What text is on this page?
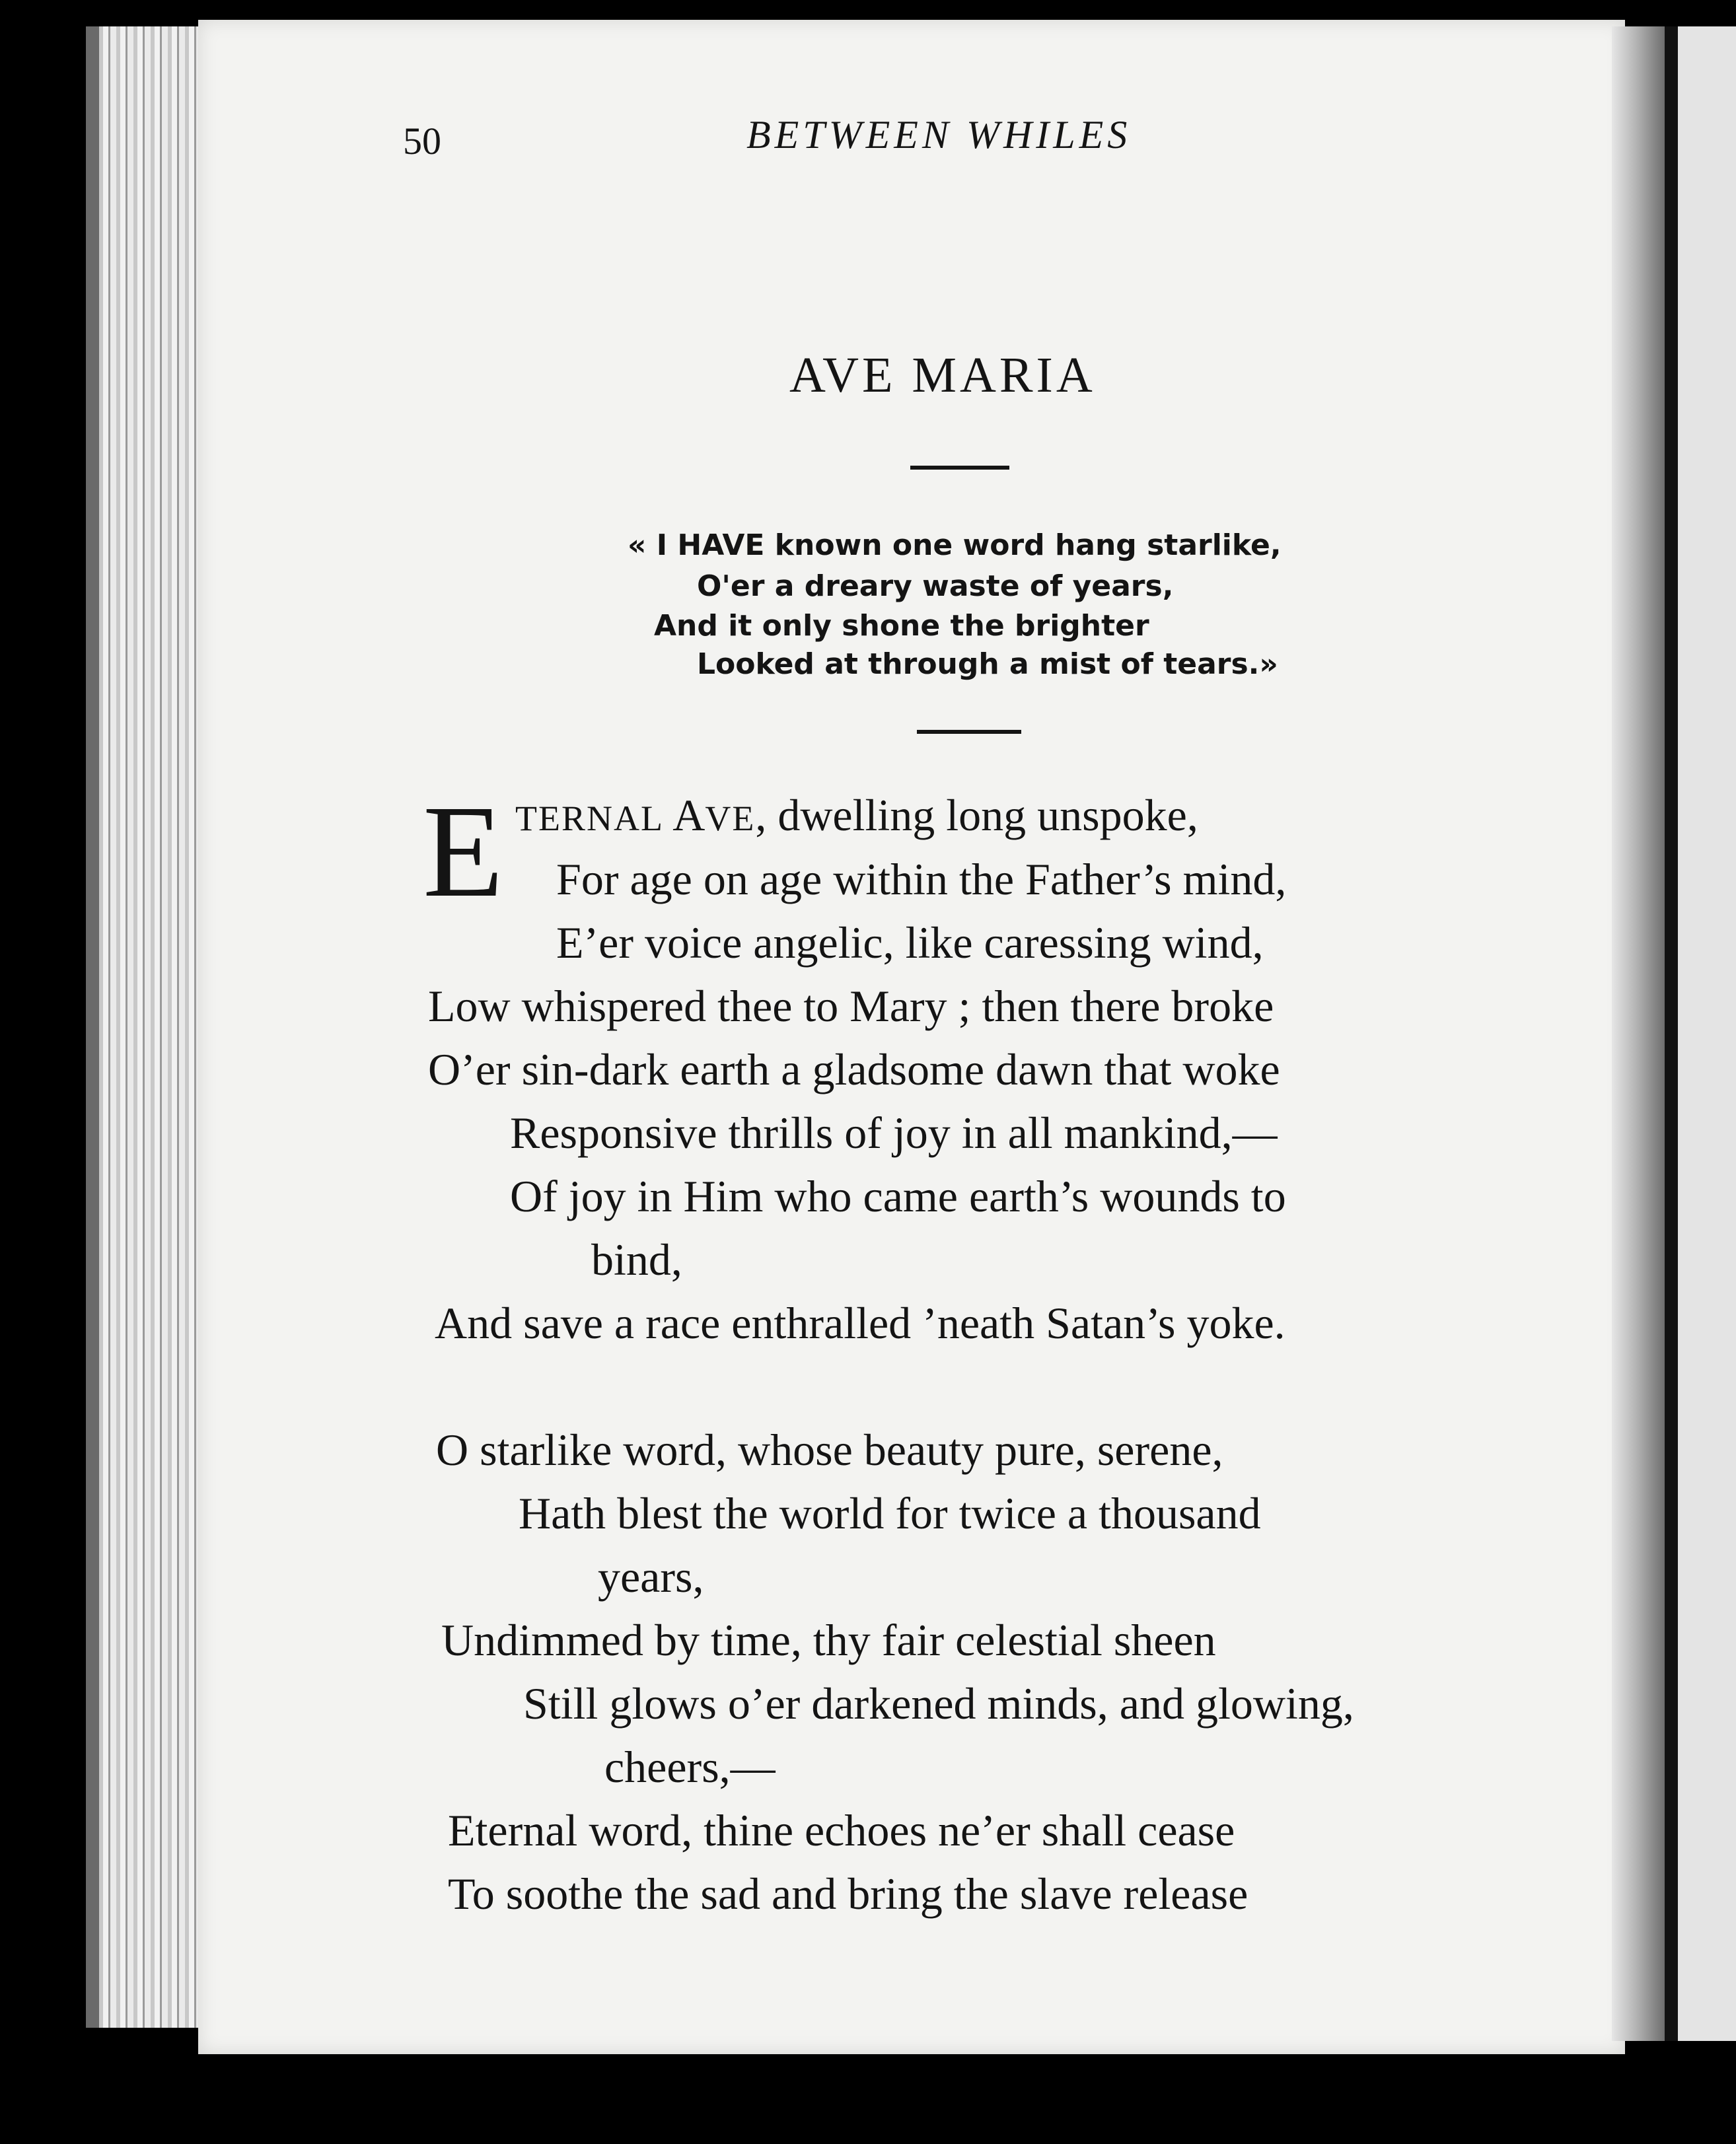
50	BETWEEN WHILES

AVE MARIA

« I HAVE known one word hang starlike,

O'er a dreary waste of years,

And it only shone the brighter

Looked at through a mist of tears.»

E TERNAL AVE, dwelling long unspoke,

For age on age within the Father’s mind,

E’er voice angelic, like caressing wind,

Low whispered thee to Mary ; then there broke

O’er sin-dark earth a gladsome dawn that woke

Responsive thrills of joy in all mankind,—

Of joy in Him who came earth’s wounds to

bind,

And save a race enthralled ’neath Satan’s yoke.

O starlike word, whose beauty pure, serene,

Hath blest the world for twice a thousand

years,

Undimmed by time, thy fair celestial sheen

Still glows o’er darkened minds, and glowing,

cheers,—

Eternal word, thine echoes ne’er shall cease

To soothe the sad and bring the slave release
